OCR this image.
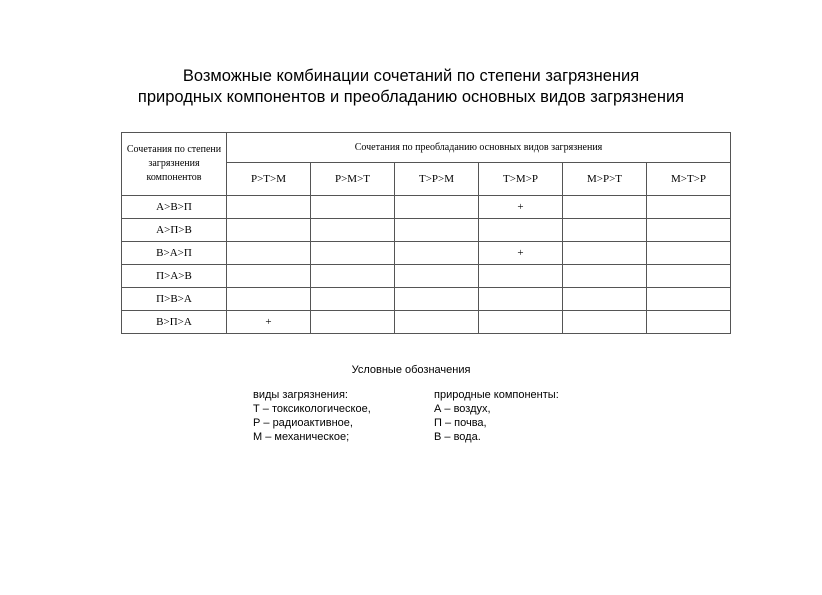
Возможные комбинации сочетаний по степени загрязнения
природных компонентов и преобладанию основных видов загрязнения
Сочетания по степени загрязнения компонентов	Сочетания по преобладанию основных видов загрязнения					
	Р>Т>М	Р>М>Т	Т>Р>М	Т>М>Р	М>Р>Т	М>Т>Р
А>В>П				+		
А>П>В						
В>А>П				+		
П>А>В						
П>В>А						
В>П>А	+					
Условные обозначения
виды загрязнения:
Т – токсикологическое,
Р – радиоактивное,
М – механическое;
природные компоненты:
А – воздух,
П – почва,
В – вода.
